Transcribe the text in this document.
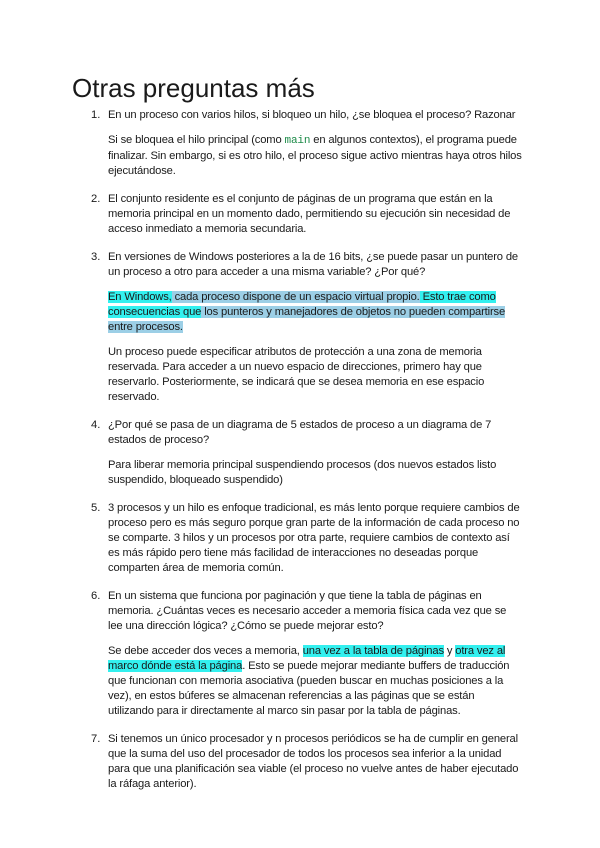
Otras preguntas más
1. En un proceso con varios hilos, si bloqueo un hilo, ¿se bloquea el proceso? Razonar

Si se bloquea el hilo principal (como main en algunos contextos), el programa puede finalizar. Sin embargo, si es otro hilo, el proceso sigue activo mientras haya otros hilos ejecutándose.

2. El conjunto residente es el conjunto de páginas de un programa que están en la memoria principal en un momento dado, permitiendo su ejecución sin necesidad de acceso inmediato a memoria secundaria.

3. En versiones de Windows posteriores a la de 16 bits, ¿se puede pasar un puntero de un proceso a otro para acceder a una misma variable? ¿Por qué?

En Windows, cada proceso dispone de un espacio virtual propio. Esto trae como consecuencias que los punteros y manejadores de objetos no pueden compartirse entre procesos.

Un proceso puede especificar atributos de protección a una zona de memoria reservada. Para acceder a un nuevo espacio de direcciones, primero hay que reservarlo. Posteriormente, se indicará que se desea memoria en ese espacio reservado.

4. ¿Por qué se pasa de un diagrama de 5 estados de proceso a un diagrama de 7 estados de proceso?

Para liberar memoria principal suspendiendo procesos (dos nuevos estados listo suspendido, bloqueado suspendido)

5. 3 procesos y un hilo es enfoque tradicional, es más lento porque requiere cambios de proceso pero es más seguro porque gran parte de la información de cada proceso no se comparte. 3 hilos y un procesos por otra parte, requiere cambios de contexto así es más rápido pero tiene más facilidad de interacciones no deseadas porque comparten área de memoria común.

6. En un sistema que funciona por paginación y que tiene la tabla de páginas en memoria. ¿Cuántas veces es necesario acceder a memoria física cada vez que se lee una dirección lógica? ¿Cómo se puede mejorar esto?

Se debe acceder dos veces a memoria, una vez a la tabla de páginas y otra vez al marco dónde está la página. Esto se puede mejorar mediante buffers de traducción que funcionan con memoria asociativa (pueden buscar en muchas posiciones a la vez), en estos búferes se almacenan referencias a las páginas que se están utilizando para ir directamente al marco sin pasar por la tabla de páginas.

7. Si tenemos un único procesador y n procesos periódicos se ha de cumplir en general que la suma del uso del procesador de todos los procesos sea inferior a la unidad para que una planificación sea viable (el proceso no vuelve antes de haber ejecutado la ráfaga anterior).
